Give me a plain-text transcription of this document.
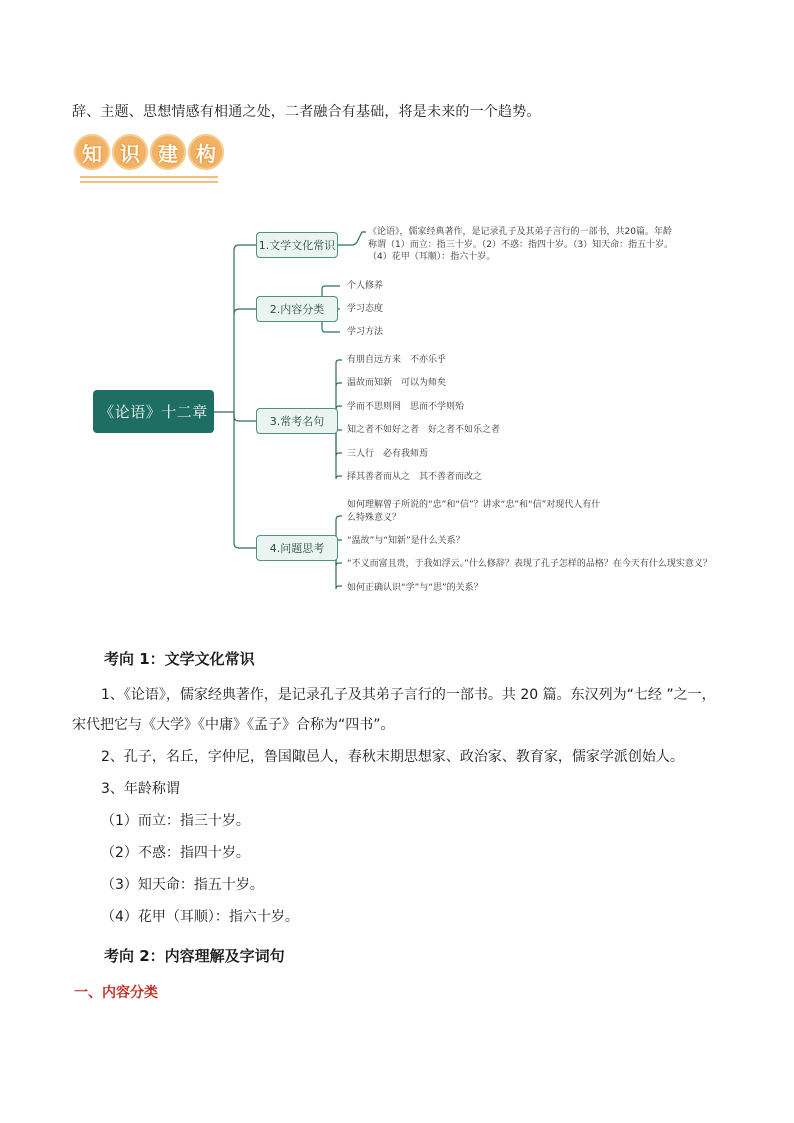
辞、主题、思想情感有相通之处，二者融合有基础，将是未来的一个趋势。
知 识 建 构
《论语》十二章
1.文学文化常识
2.内容分类
3.常考名句
4.问题思考
《论语》，儒家经典著作，是记录孔子及其弟子言行的一部书，共20篇。年龄
称谓（1）而立：指三十岁。（2）不惑：指四十岁。（3）知天命：指五十岁。
（4）花甲（耳顺）：指六十岁。
个人修养
学习态度
学习方法
有朋自远方来　不亦乐乎
温故而知新　可以为师矣
学而不思则罔　思而不学则殆
知之者不如好之者　好之者不如乐之者
三人行　必有我师焉
择其善者而从之　其不善者而改之
如何理解曾子所说的“忠”和“信”？讲求“忠”和“信”对现代人有什
么特殊意义？
“温故”与“知新”是什么关系？
“不义而富且贵，于我如浮云。”什么修辞？表现了孔子怎样的品格？在今天有什么现实意义？
如何正确认识“学”与“思”的关系？
考向 1：文学文化常识
1、《论语》，儒家经典著作，是记录孔子及其弟子言行的一部书。共 20 篇。东汉列为“七经 ”之一，
宋代把它与《大学》《中庸》《孟子》合称为“四书”。
2、孔子，名丘，字仲尼，鲁国陬邑人，春秋末期思想家、政治家、教育家，儒家学派创始人。
3、年龄称谓
（1）而立：指三十岁。
（2）不惑：指四十岁。
（3）知天命：指五十岁。
（4）花甲（耳顺）：指六十岁。
考向 2：内容理解及字词句
一、内容分类
